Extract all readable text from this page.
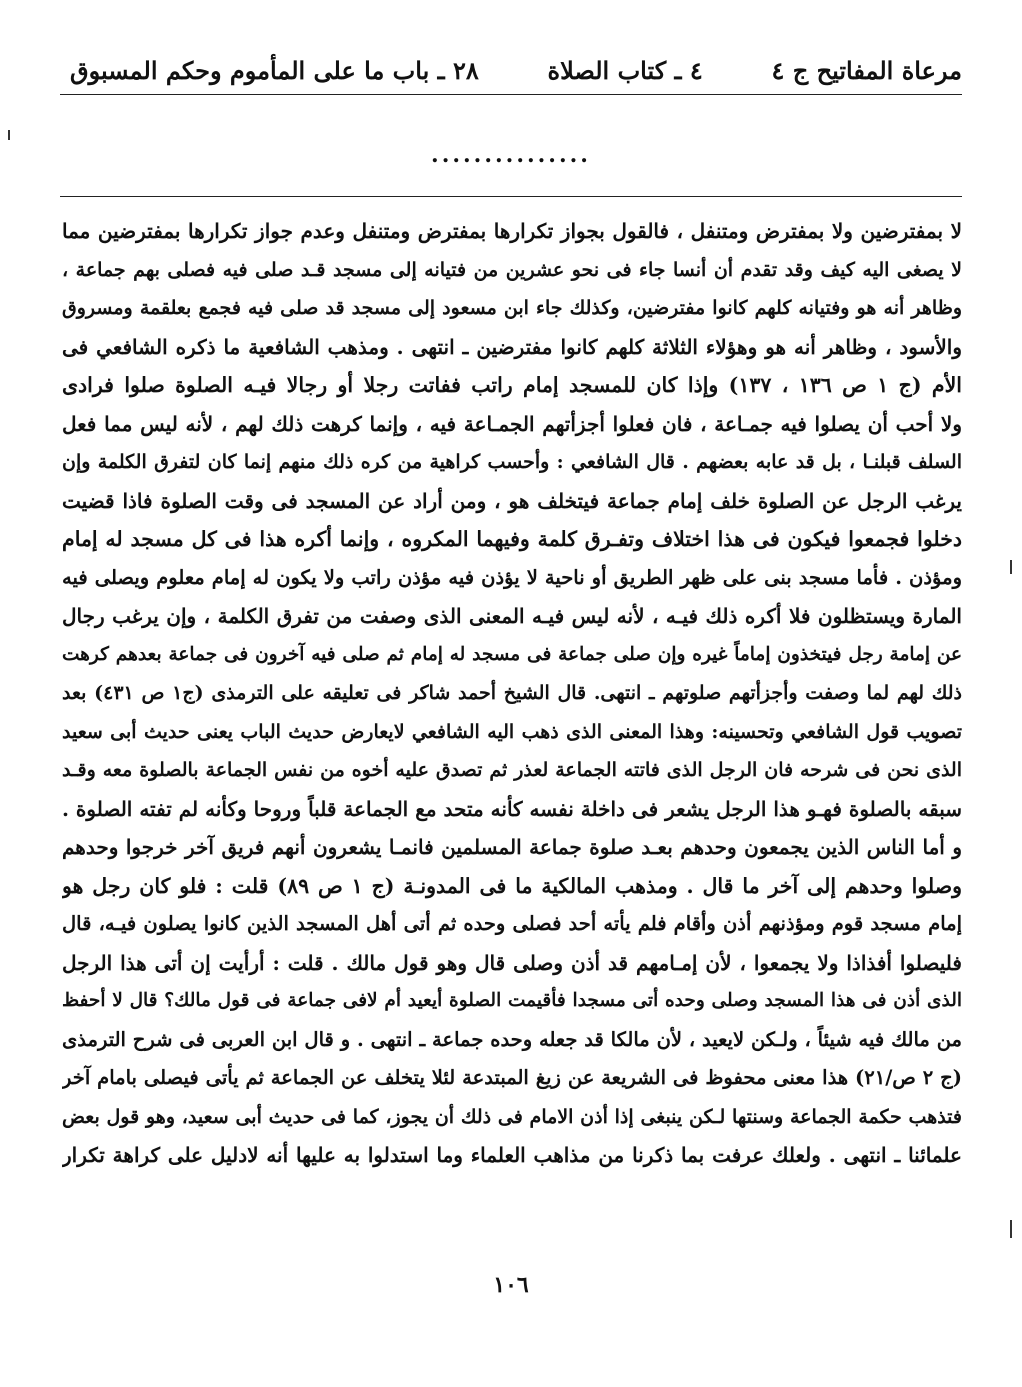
مرعاة المفاتيح ج ٤
٤ ـ كتاب الصلاة
٢٨ ـ باب ما على المأموم وحكم المسبوق
...............
لا بمفترضين ولا بمفترض ومتنفل ، فالقول بجواز تكرارها بمفترض ومتنفل وعدم جواز تكرارها بمفترضين مما
لا يصغى اليه كيف وقد تقدم أن أنسا جاء فى نحو عشرين من فتيانه إلى مسجد قـد صلى فيه فصلى بهم جماعة ،
وظاهر أنه هو وفتيانه كلهم كانوا مفترضين، وكذلك جاء ابن مسعود إلى مسجد قد صلى فيه فجمع بعلقمة ومسروق
والأسود ، وظاهر أنه هو وهؤلاء الثلاثة كلهم كانوا مفترضين ـ انتهى . ومذهب الشافعية ما ذكره الشافعي فى
الأم (ج ١ ص ١٣٦ ، ١٣٧) وإذا كان للمسجد إمام راتب ففاتت رجلا أو رجالا فيـه الصلوة صلوا فرادى
ولا أحب أن يصلوا فيه جمـاعة ، فان فعلوا أجزأتهم الجمـاعة فيه ، وإنما كرهت ذلك لهم ، لأنه ليس مما فعل
السلف قبلنـا ، بل قد عابه بعضهم . قال الشافعي : وأحسب كراهية من كره ذلك منهم إنما كان لتفرق الكلمة وإن
يرغب الرجل عن الصلوة خلف إمام جماعة فيتخلف هو ، ومن أراد عن المسجد فى وقت الصلوة فاذا قضيت
دخلوا فجمعوا فيكون فى هذا اختلاف وتفـرق كلمة وفيهما المكروه ، وإنما أكره هذا فى كل مسجد له إمام
ومؤذن . فأما مسجد بنى على ظهر الطريق أو ناحية لا يؤذن فيه مؤذن راتب ولا يكون له إمام معلوم ويصلى فيه
المارة ويستظلون فلا أكره ذلك فيـه ، لأنه ليس فيـه المعنى الذى وصفت من تفرق الكلمة ، وإن يرغب رجال
عن إمامة رجل فيتخذون إماماً غيره وإن صلى جماعة فى مسجد له إمام ثم صلى فيه آخرون فى جماعة بعدهم كرهت
ذلك لهم لما وصفت وأجزأتهم صلوتهم ـ انتهى. قال الشيخ أحمد شاكر فى تعليقه على الترمذى (ج١ ص ٤٣١) بعد
تصويب قول الشافعي وتحسينه: وهذا المعنى الذى ذهب اليه الشافعي لايعارض حديث الباب يعنى حديث أبى سعيد
الذى نحن فى شرحه فان الرجل الذى فاتته الجماعة لعذر ثم تصدق عليه أخوه من نفس الجماعة بالصلوة معه وقـد
سبقه بالصلوة فهـو هذا الرجل يشعر فى داخلة نفسه كأنه متحد مع الجماعة قلباً وروحا وكأنه لم تفته الصلوة .
و أما الناس الذين يجمعون وحدهم بعـد صلوة جماعة المسلمين فانمـا يشعرون أنهم فريق آخر خرجوا وحدهم
وصلوا وحدهم إلى آخر ما قال . ومذهب المالكية ما فى المدونـة (ج ١ ص ٨٩) قلت : فلو كان رجل هو
إمام مسجد قوم ومؤذنهم أذن وأقام فلم يأته أحد فصلى وحده ثم أتى أهل المسجد الذين كانوا يصلون فيـه، قال
فليصلوا أفذاذا ولا يجمعوا ، لأن إمـامهم قد أذن وصلى قال وهو قول مالك . قلت : أرأيت إن أتى هذا الرجل
الذى أذن فى هذا المسجد وصلى وحده أتى مسجدا فأقيمت الصلوة أيعيد أم لافى جماعة فى قول مالك؟ قال لا أحفظ
من مالك فيه شيئاً ، ولـكن لايعيد ، لأن مالكا قد جعله وحده جماعة ـ انتهى . و قال ابن العربى فى شرح الترمذى
(ج ٢ ص/٢١) هذا معنى محفوظ فى الشريعة عن زيغ المبتدعة لئلا يتخلف عن الجماعة ثم يأتى فيصلى بامام آخر
فتذهب حكمة الجماعة وسنتها لـكن ينبغى إذا أذن الامام فى ذلك أن يجوز، كما فى حديث أبى سعيد، وهو قول بعض
علمائنا ـ انتهى . ولعلك عرفت بما ذكرنا من مذاهب العلماء وما استدلوا به عليها أنه لادليل على كراهة تكرار
١٠٦
